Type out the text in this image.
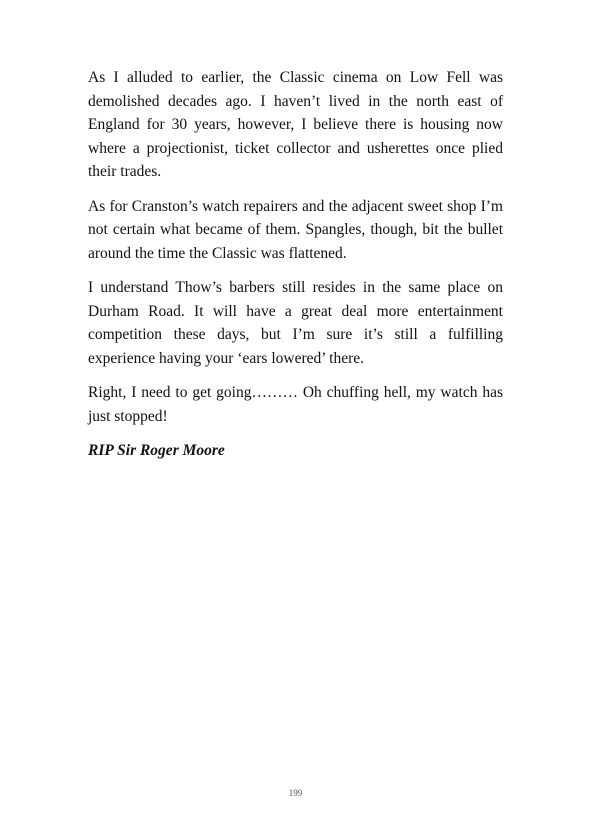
As I alluded to earlier, the Classic cinema on Low Fell was demolished decades ago. I haven’t lived in the north east of England for 30 years, however, I believe there is housing now where a projectionist, ticket collector and usherettes once plied their trades.

As for Cranston’s watch repairers and the adjacent sweet shop I’m not certain what became of them. Spangles, though, bit the bullet around the time the Classic was flattened.

I understand Thow’s barbers still resides in the same place on Durham Road. It will have a great deal more entertainment competition these days, but I’m sure it’s still a fulfilling experience having your ‘ears lowered’ there.

Right, I need to get going……… Oh chuffing hell, my watch has just stopped!

RIP Sir Roger Moore

199
